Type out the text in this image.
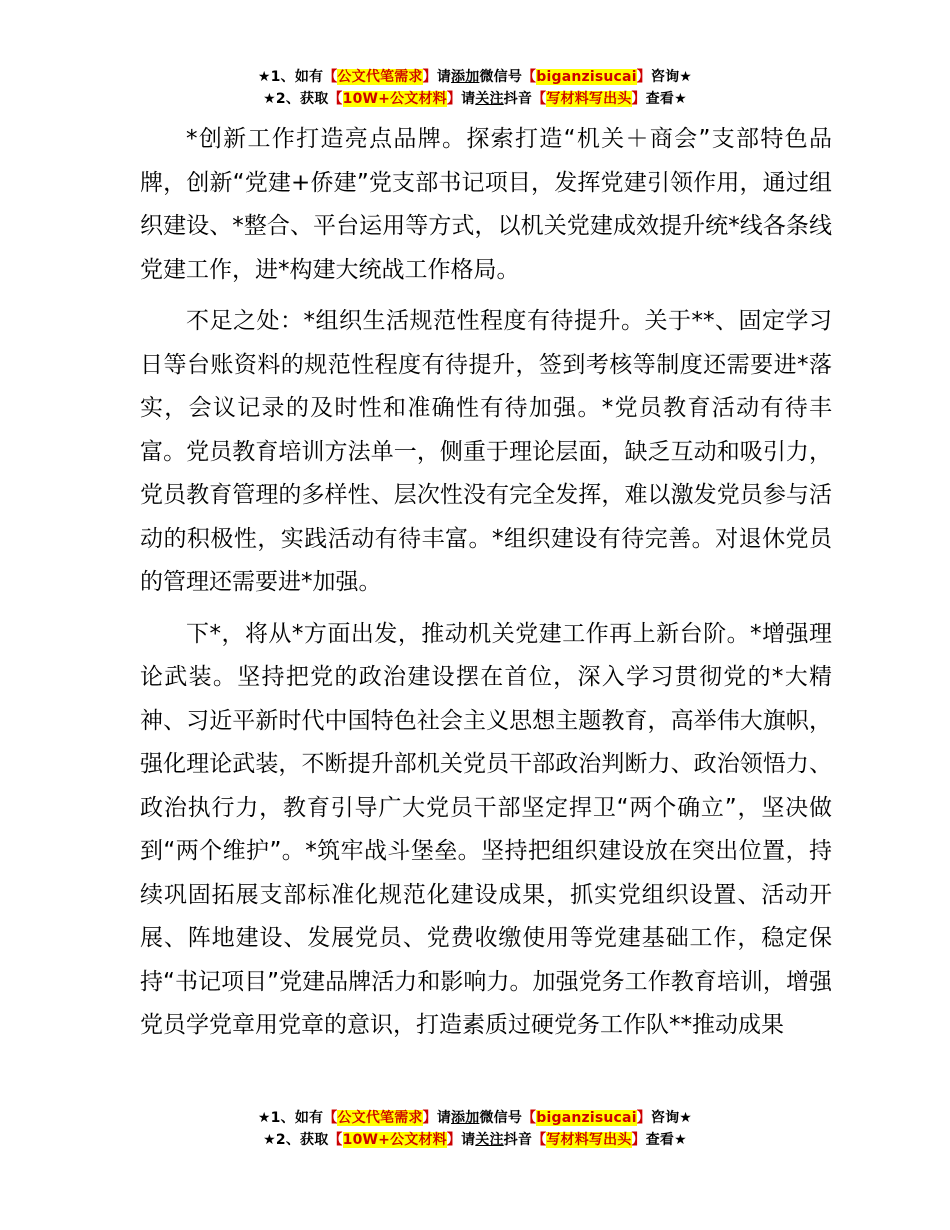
★1、如有【公文代笔需求】请添加微信号【biganzisucai】咨询★
★2、获取【10W+公文材料】请关注抖音【写材料写出头】查看★

*创新工作打造亮点品牌。探索打造“机关＋商会”支部特色品牌，创新“党建+侨建”党支部书记项目，发挥党建引领作用，通过组织建设、*整合、平台运用等方式，以机关党建成效提升统*线各条线党建工作，进*构建大统战工作格局。

不足之处：*组织生活规范性程度有待提升。关于**、固定学习日等台账资料的规范性程度有待提升，签到考核等制度还需要进*落实，会议记录的及时性和准确性有待加强。*党员教育活动有待丰富。党员教育培训方法单一，侧重于理论层面，缺乏互动和吸引力，党员教育管理的多样性、层次性没有完全发挥，难以激发党员参与活动的积极性，实践活动有待丰富。*组织建设有待完善。对退休党员的管理还需要进*加强。

下*，将从*方面出发，推动机关党建工作再上新台阶。*增强理论武装。坚持把党的政治建设摆在首位，深入学习贯彻党的*大精神、习近平新时代中国特色社会主义思想主题教育，高举伟大旗帜，强化理论武装，不断提升部机关党员干部政治判断力、政治领悟力、政治执行力，教育引导广大党员干部坚定捍卫“两个确立”，坚决做到“两个维护”。*筑牢战斗堡垒。坚持把组织建设放在突出位置，持续巩固拓展支部标准化规范化建设成果，抓实党组织设置、活动开展、阵地建设、发展党员、党费收缴使用等党建基础工作，稳定保持“书记项目”党建品牌活力和影响力。加强党务工作教育培训，增强党员学党章用党章的意识，打造素质过硬党务工作队**推动成果

★1、如有【公文代笔需求】请添加微信号【biganzisucai】咨询★
★2、获取【10W+公文材料】请关注抖音【写材料写出头】查看★
